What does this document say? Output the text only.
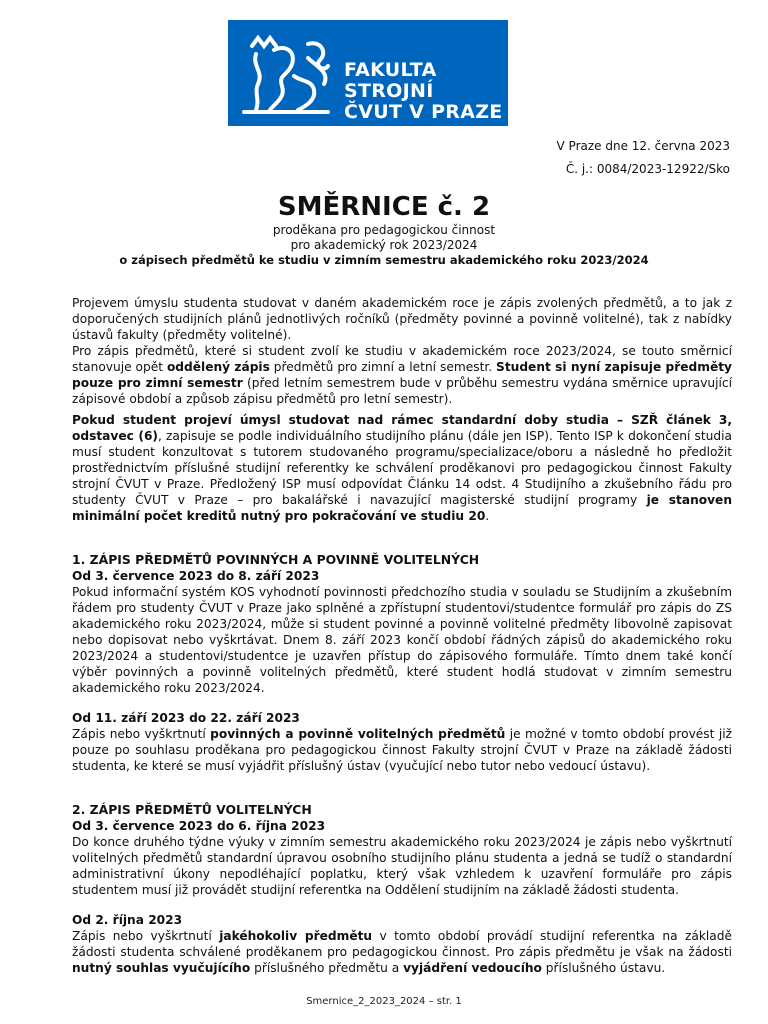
FAKULTA
STROJNÍ
ČVUT V PRAZE
V Praze dne 12. června 2023
Č. j.: 0084/2023-12922/Sko
SMĚRNICE č. 2
proděkana pro pedagogickou činnost
pro akademický rok 2023/2024
o zápisech předmětů ke studiu v zimním semestru akademického roku 2023/2024

Projevem úmyslu studenta studovat v daném akademickém roce je zápis zvolených předmětů, a to jak z doporučených studijních plánů jednotlivých ročníků (předměty povinné a povinně volitelné), tak z nabídky ústavů fakulty (předměty volitelné).

Pro zápis předmětů, které si student zvolí ke studiu v akademickém roce 2023/2024, se touto směrnicí stanovuje opět oddělený zápis předmětů pro zimní a letní semestr. Student si nyní zapisuje předměty pouze pro zimní semestr (před letním semestrem bude v průběhu semestru vydána směrnice upravující zápisové období a způsob zápisu předmětů pro letní semestr).

Pokud student projeví úmysl studovat nad rámec standardní doby studia – SZŘ článek 3, odstavec (6), zapisuje se podle individuálního studijního plánu (dále jen ISP). Tento ISP k dokončení studia musí student konzultovat s tutorem studovaného programu/specializace/oboru a následně ho předložit prostřednictvím příslušné studijní referentky ke schválení proděkanovi pro pedagogickou činnost Fakulty strojní ČVUT v Praze. Předložený ISP musí odpovídat Článku 14 odst. 4 Studijního a zkušebního řádu pro studenty ČVUT v Praze – pro bakalářské i navazující magisterské studijní programy je stanoven minimální počet kreditů nutný pro pokračování ve studiu 20.

1. ZÁPIS PŘEDMĚTŮ POVINNÝCH A POVINNĚ VOLITELNÝCH
Od 3. července 2023 do 8. září 2023

Pokud informační systém KOS vyhodnotí povinnosti předchozího studia v souladu se Studijním a zkušebním řádem pro studenty ČVUT v Praze jako splněné a zpřístupní studentovi/studentce formulář pro zápis do ZS akademického roku 2023/2024, může si student povinné a povinně volitelné předměty libovolně zapisovat nebo dopisovat nebo vyškrtávat. Dnem 8. září 2023 končí období řádných zápisů do akademického roku 2023/2024 a studentovi/studentce je uzavřen přístup do zápisového formuláře. Tímto dnem také končí výběr povinných a povinně volitelných předmětů, které student hodlá studovat v zimním semestru akademického roku 2023/2024.

Od 11. září 2023 do 22. září 2023

Zápis nebo vyškrtnutí povinných a povinně volitelných předmětů je možné v tomto období provést již pouze po souhlasu proděkana pro pedagogickou činnost Fakulty strojní ČVUT v Praze na základě žádosti studenta, ke které se musí vyjádřit příslušný ústav (vyučující nebo tutor nebo vedoucí ústavu).

2. ZÁPIS PŘEDMĚTŮ VOLITELNÝCH
Od 3. července 2023 do 6. října 2023

Do konce druhého týdne výuky v zimním semestru akademického roku 2023/2024 je zápis nebo vyškrtnutí volitelných předmětů standardní úpravou osobního studijního plánu studenta a jedná se tudíž o standardní administrativní úkony nepodléhající poplatku, který však vzhledem k uzavření formuláře pro zápis studentem musí již provádět studijní referentka na Oddělení studijním na základě žádosti studenta.

Od 2. října 2023

Zápis nebo vyškrtnutí jakéhokoliv předmětu v tomto období provádí studijní referentka na základě žádosti studenta schválené proděkanem pro pedagogickou činnost. Pro zápis předmětu je však na žádosti nutný souhlas vyučujícího příslušného předmětu a vyjádření vedoucího příslušného ústavu.

Smernice_2_2023_2024 – str. 1
